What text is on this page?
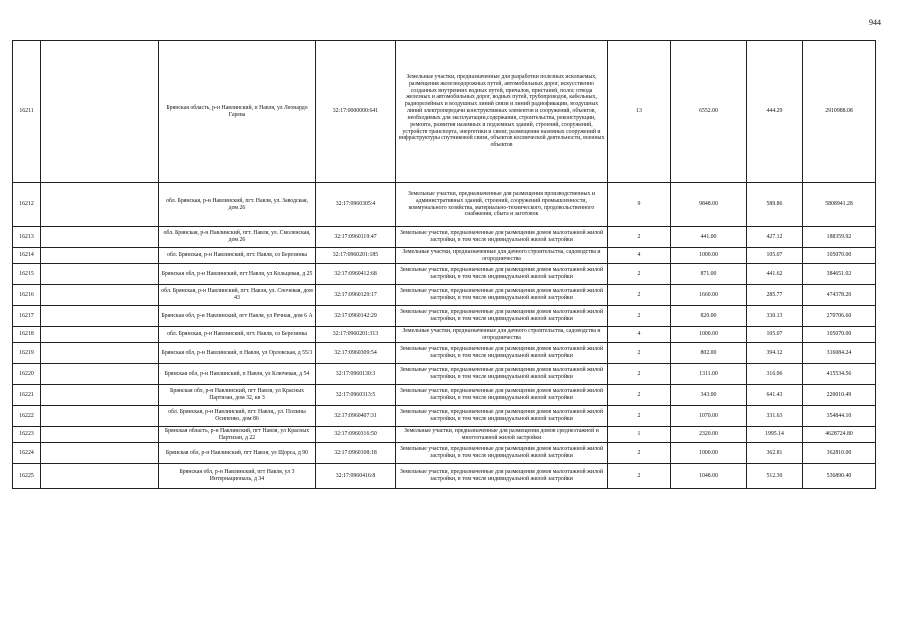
944
16211		Брянская область, р-н Навлинский, п Навля, ул Леонардо Гарева	32:17:0000000:641	Земельные участки, предназначенные для разработки полезных ископаемых, размещения железнодорожных путей, автомобильных дорог, искусственно созданных внутренних водных путей, причалов, пристаней, полос отвода железных и автомобильных дорог, водных путей, трубопроводов, кабельных, радиорелейных и воздушных линий связи и линий радиофикации, воздушных линий электропередачи конструктивных элементов и сооружений, объектов, необходимых для эксплуатации,содержания, строительства, реконструкции, ремонта, развития наземных и подземных зданий, строений, сооружений, устройств транспорта, энергетики и связи; размещения наземных сооружений и инфраструктуры спутниковой связи, объектов космической деятельности, военных объектов	13	6552.00	444.29	2910988.08
16212		обл. Брянская, р-н Навлинский, пгт. Навля, ул. Заводская, дом 26	32:17:0960305:4	Земельные участки, предназначенные для размещения производственных и административных зданий, строений, сооружений промышленности, коммунального хозяйства, материально-технического, продовольственного снабжения, сбыта и заготовок	9	9848.00	589.86	5808941.28
16213		обл. Брянская, р-н Навлинский, пгт. Навля, ул. Смоленская, дом 26	32:17:0960119:47	Земельные участки, предназначенные для размещения домов малоэтажной жилой застройки, в том числе индивидуальной жилой застройки	2	441.00	427.12	188359.92
16214		обл. Брянская, р-н Навлинский, пгт. Навля, со Березинка	32:17:0960201:185	Земельные участки, предназначенные для дачного строительства, садоводства и огородничества	4	1000.00	105.07	105070.00
16215		Брянская обл, р-н Навлинский, пгт Навля, ул Кольцевая, д 25	32:17:0960412:68	Земельные участки, предназначенные для размещения домов малоэтажной жилой застройки, в том числе индивидуальной жилой застройки	2	871.00	441.62	384651.02
16216		обл. Брянская, р-н Навлинский, пгт. Навля, ул. Спочевая, дом 43	32:17:0960129:17	Земельные участки, предназначенные для размещения домов малоэтажной жилой застройки, в том числе индивидуальной жилой застройки	2	1660.00	285.77	474378.20
16217		Брянская обл, р-н Навлинский, пгт Навля, ул Речная, дом 6 А	32:17:0960142:29	Земельные участки, предназначенные для размещения домов малоэтажной жилой застройки, в том числе индивидуальной жилой застройки	2	820.00	330.13	270706.60
16218		обл. Брянская, р-н Навлинский, пгт. Навля, со Березинка	32:17:0960201:313	Земельные участки, предназначенные для дачного строительства, садоводства и огородничества	4	1000.00	105.07	105070.00
16219		Брянская обл, р-н Навлинский, п Навля, ул Орловская, д 55/1	32:17:0960309:54	Земельные участки, предназначенные для размещения домов малоэтажной жилой застройки, в том числе индивидуальной жилой застройки	2	802.00	394.12	316084.24
16220		Брянская обл, р-н Навлинский, п Навля, ул Ключевая, д 54	32:17:0960130:3	Земельные участки, предназначенные для размещения домов малоэтажной жилой застройки, в том числе индивидуальной жилой застройки	2	1311.00	316.96	415534.56
16221		Брянская обл, р-н Навлинский, пгт Навля, ул Красных Партизан, дом 32, кв 3	32:17:0960313:5	Земельные участки, предназначенные для размещения домов малоэтажной жилой застройки, в том числе индивидуальной жилой застройки	2	343.00	641.43	220010.49
16222		обл. Брянская, р-н Навлинский, пгт. Навля,, ул. Полины Осипенко, дом 86	32:17:0960407:31	Земельные участки, предназначенные для размещения домов малоэтажной жилой застройки, в том числе индивидуальной жилой застройки	2	1070.00	331.63	354844.10
16223		Брянская область, р-н Навлинский, пгт Навля, ул Красных Партизан, д 22	32:17:0960316:50	Земельные участки, предназначенные для размещения домов среднеэтажной и многоэтажной жилой застройки	1	2320.00	1995.14	4628724.80
16224		Брянская обл, р-н Навлинский, пгт Навля, ул Щорса, д 90	32:17:0960108:18	Земельные участки, предназначенные для размещения домов малоэтажной жилой застройки, в том числе индивидуальной жилой застройки	2	1000.00	362.81	362810.00
16225		Брянская обл, р-н Навлинский, пгт Навля, ул 3 Интернациональ, д 34	32:17:0960416:8	Земельные участки, предназначенные для размещения домов малоэтажной жилой застройки, в том числе индивидуальной жилой застройки	2	1048.00	512.30	536890.40
